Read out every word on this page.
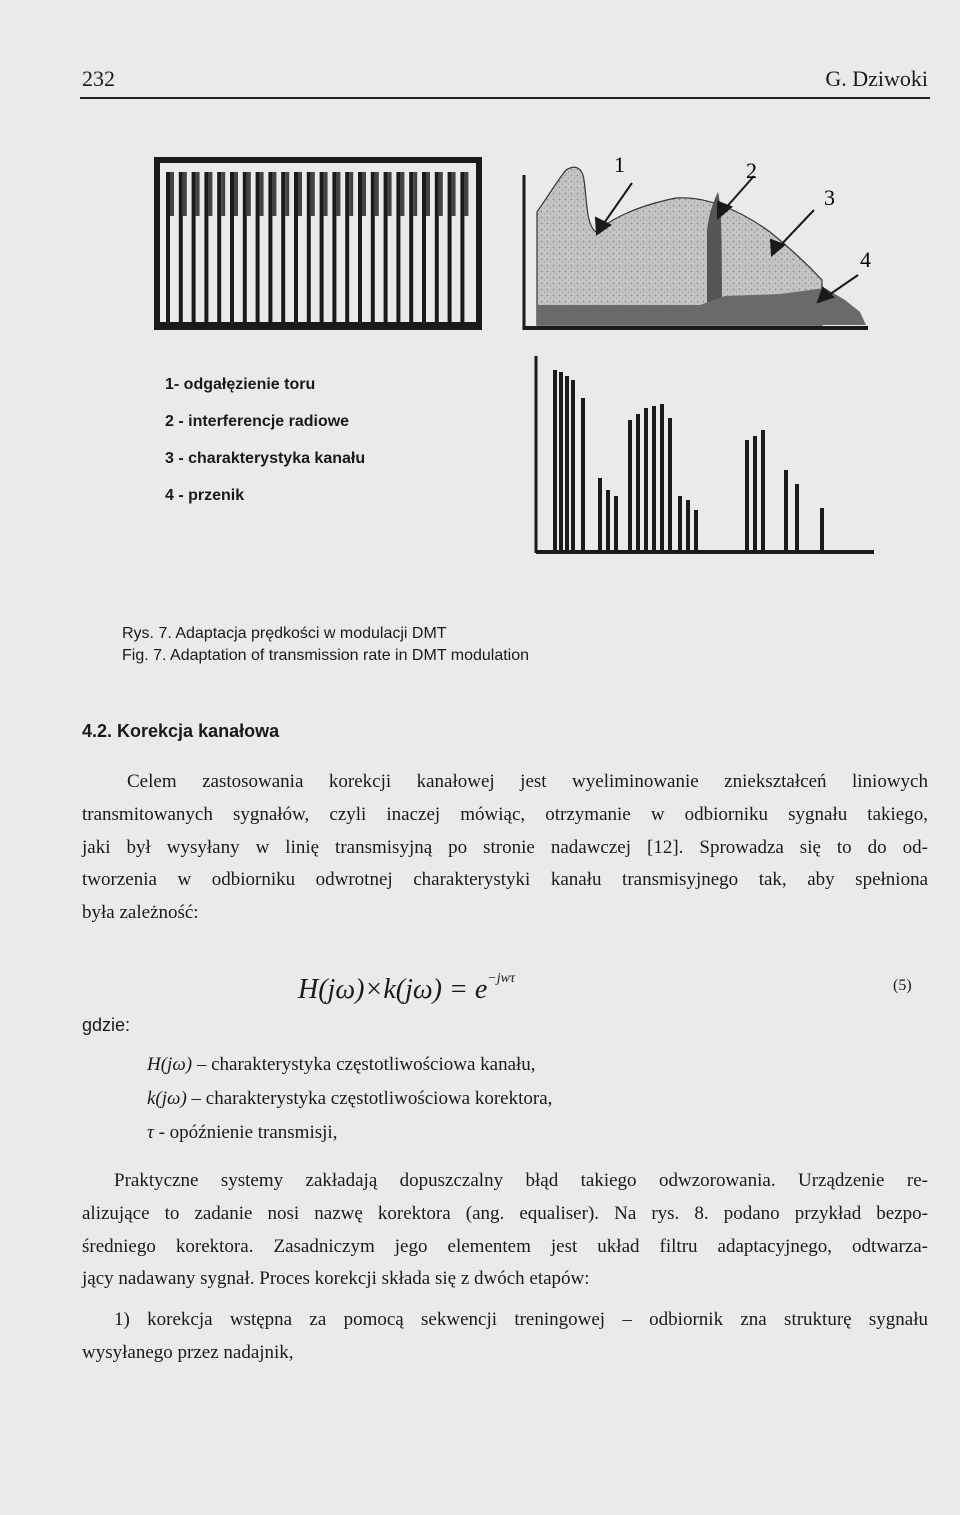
232	G. Dziwoki
1	2
3
4
1- odgałęzienie toru
2 - interferencje radiowe
3 - charakterystyka kanału
4 - przenik
Rys. 7. Adaptacja prędkości w modulacji DMT
Fig. 7. Adaptation of transmission rate in DMT modulation
4.2. Korekcja kanałowa
Celem zastosowania korekcji kanałowej jest wyeliminowanie zniekształceń liniowych
transmitowanych sygnałów, czyli inaczej mówiąc, otrzymanie w odbiorniku sygnału takiego,
jaki był wysyłany w linię transmisyjną po stronie nadawczej [12]. Sprowadza się to do od-
tworzenia w odbiorniku odwrotnej charakterystyki kanału transmisyjnego tak, aby spełniona
była zależność:
$H(j\omega)\times k(j\omega) = e^{-jw\tau}$	(5)
gdzie:
H(jω) – charakterystyka częstotliwościowa kanału,
k(jω) – charakterystyka częstotliwościowa korektora,
τ - opóźnienie transmisji,
Praktyczne systemy zakładają dopuszczalny błąd takiego odwzorowania. Urządzenie re-
alizujące to zadanie nosi nazwę korektora (ang. equaliser). Na rys. 8. podano przykład bezpo-
średniego korektora. Zasadniczym jego elementem jest układ filtru adaptacyjnego, odtwarza-
jący nadawany sygnał. Proces korekcji składa się z dwóch etapów:
1) korekcja wstępna za pomocą sekwencji treningowej – odbiornik zna strukturę sygnału
wysyłanego przez nadajnik,
